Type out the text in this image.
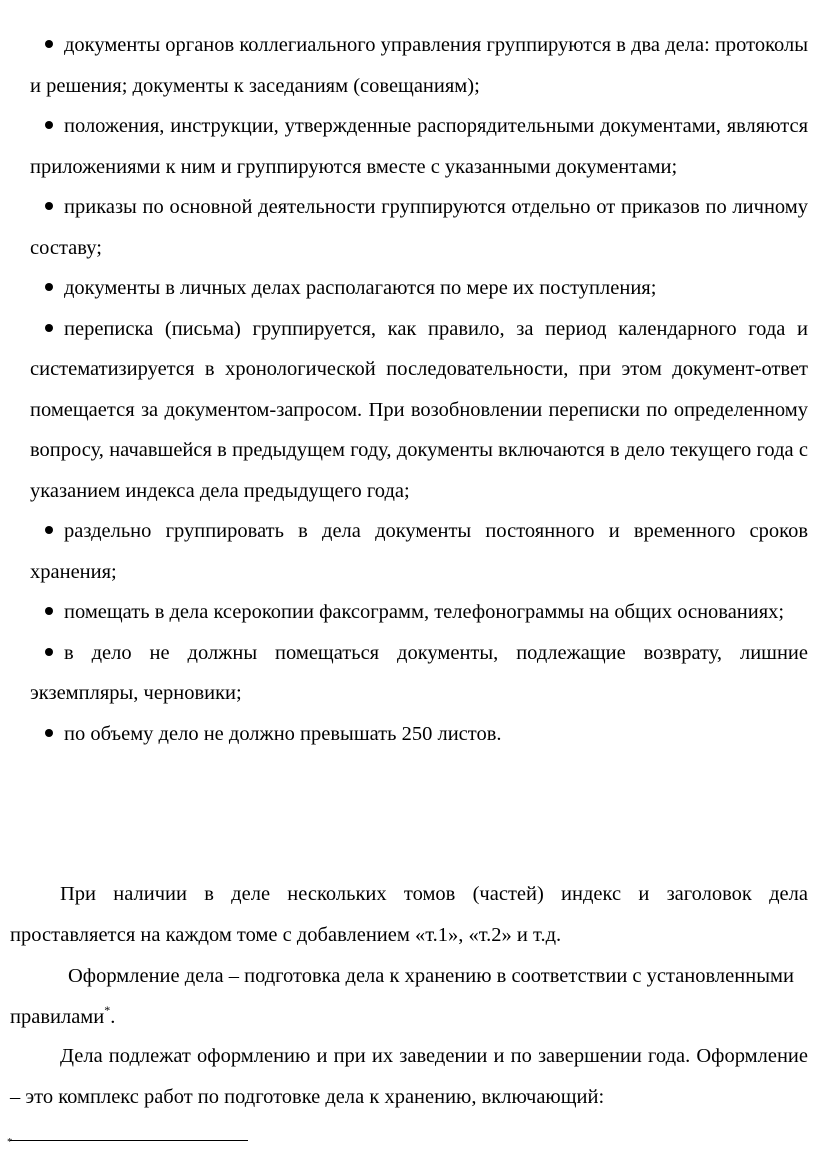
документы органов коллегиального управления группируются в два дела: протоколы и решения; документы к заседаниям (совещаниям);
положения, инструкции, утвержденные распорядительными документами, являются приложениями к ним и группируются вместе с указанными документами;
приказы по основной деятельности группируются отдельно от приказов по личному составу;
документы в личных делах располагаются по мере их поступления;
переписка (письма) группируется, как правило, за период календарного года и систематизируется в хронологической последовательности, при этом документ-ответ помещается за документом-запросом. При возобновлении переписки по определенному вопросу, начавшейся в предыдущем году, документы включаются в дело текущего года с указанием индекса дела предыдущего года;
раздельно группировать в дела документы постоянного и временного сроков хранения;
помещать в дела ксерокопии факсограмм, телефонограммы на общих основаниях;
в дело не должны помещаться документы, подлежащие возврату, лишние экземпляры, черновики;
по объему дело не должно превышать 250 листов.

При наличии в деле нескольких томов (частей) индекс и заголовок дела проставляется на каждом томе с добавлением «т.1», «т.2» и т.д.

Оформление дела – подготовка дела к хранению в соответствии с установленными правилами*.

Дела подлежат оформлению и при их заведении и по завершении года. Оформление – это комплекс работ по подготовке дела к хранению, включающий:

*
